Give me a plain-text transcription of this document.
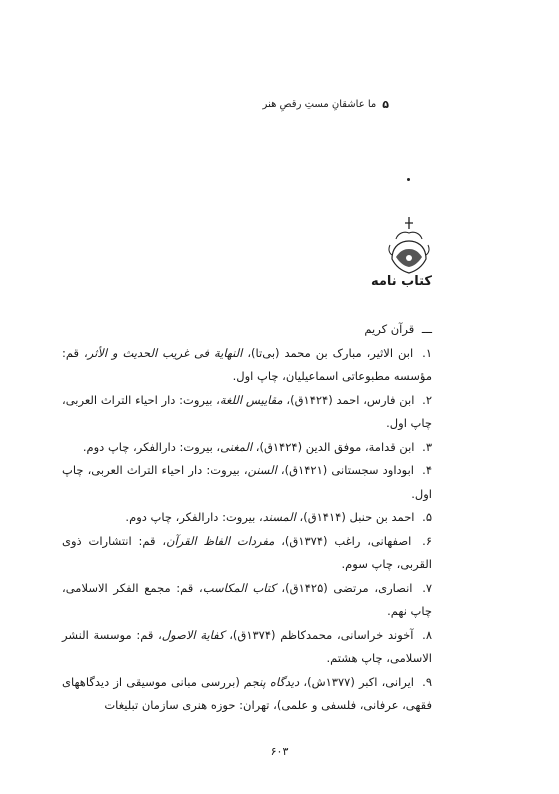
۵
ما عاشقانِ مستِ رقصِ هنر
کتاب نامه

ـــ قرآن کریم

۱. ابن الاثیر، مبارک بن محمد (بی‌تا)، النهایة فی غریب الحدیث و الأثر، قم: مؤسسه مطبوعاتی اسماعیلیان، چاپ اول.

۲. ابن فارس، احمد (۱۴۲۴ق)، مقاییس اللغة، بیروت: دار احیاء التراث العربی، چاپ اول.

۳. ابن قدامة، موفق الدین (۱۴۲۴ق)، المغنی، بیروت: دارالفکر، چاپ دوم.

۴. ابوداود سجستانی (۱۴۲۱ق)، السنن، بیروت: دار احیاء التراث العربی، چاپ اول.

۵. احمد بن حنبل (۱۴۱۴ق)، المسند، بیروت: دارالفکر، چاپ دوم.

۶. اصفهانی، راغب (۱۳۷۴ق)، مفردات الفاظ القرآن، قم: انتشارات ذوی القربی، چاپ سوم.

۷. انصاری، مرتضی (۱۴۲۵ق)، کتاب المکاسب، قم: مجمع الفکر الاسلامی، چاپ نهم.

۸. آخوند خراسانی، محمدکاظم (۱۳۷۴ق)، کفایة الاصول، قم: موسسة النشر الاسلامی، چاپ هشتم.

۹. ایرانی، اکبر (۱۳۷۷ش)، دیدگاه پنجم (بررسی مبانی موسیقی از دیدگاههای فقهی، عرفانی، فلسفی و علمی)، تهران: حوزه هنری سازمان تبلیغات

۶۰۳
